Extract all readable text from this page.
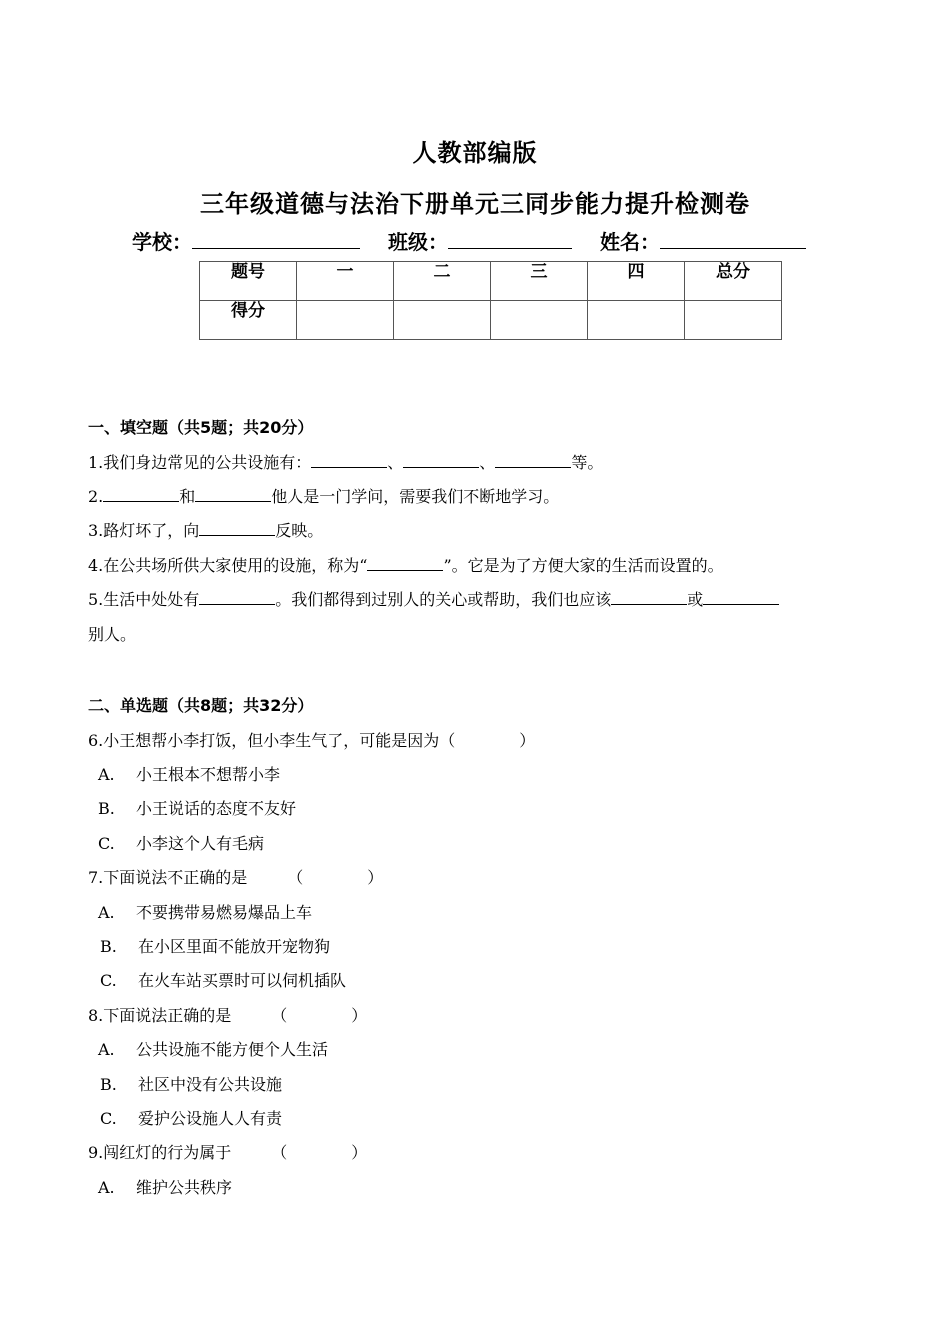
人教部编版
三年级道德与法治下册单元三同步能力提升检测卷
学校：	班级：	姓名：
题号	一	二	三	四	总分
得分					
一、填空题（共5题；共20分）
1.我们身边常见的公共设施有：	、	、	等。
2.	和	他人是一门学问，需要我们不断地学习。
3.路灯坏了，向	反映。
4.在公共场所供大家使用的设施，称为“	”。它是为了方便大家的生活而设置的。
5.生活中处处有	。我们都得到过别人的关心或帮助，我们也应该	或
别人。
二、单选题（共8题；共32分）
6.小王想帮小李打饭，但小李生气了，可能是因为（　　　　）
A. 小王根本不想帮小李
B. 小王说话的态度不友好
C. 小李这个人有毛病
7.下面说法不正确的是　　　（　　　　）
A. 不要携带易燃易爆品上车
B. 在小区里面不能放开宠物狗
C. 在火车站买票时可以伺机插队
8.下面说法正确的是　　　（　　　　）
A. 公共设施不能方便个人生活
B. 社区中没有公共设施
C. 爱护公设施人人有责
9.闯红灯的行为属于　　　（　　　　）
A. 维护公共秩序
